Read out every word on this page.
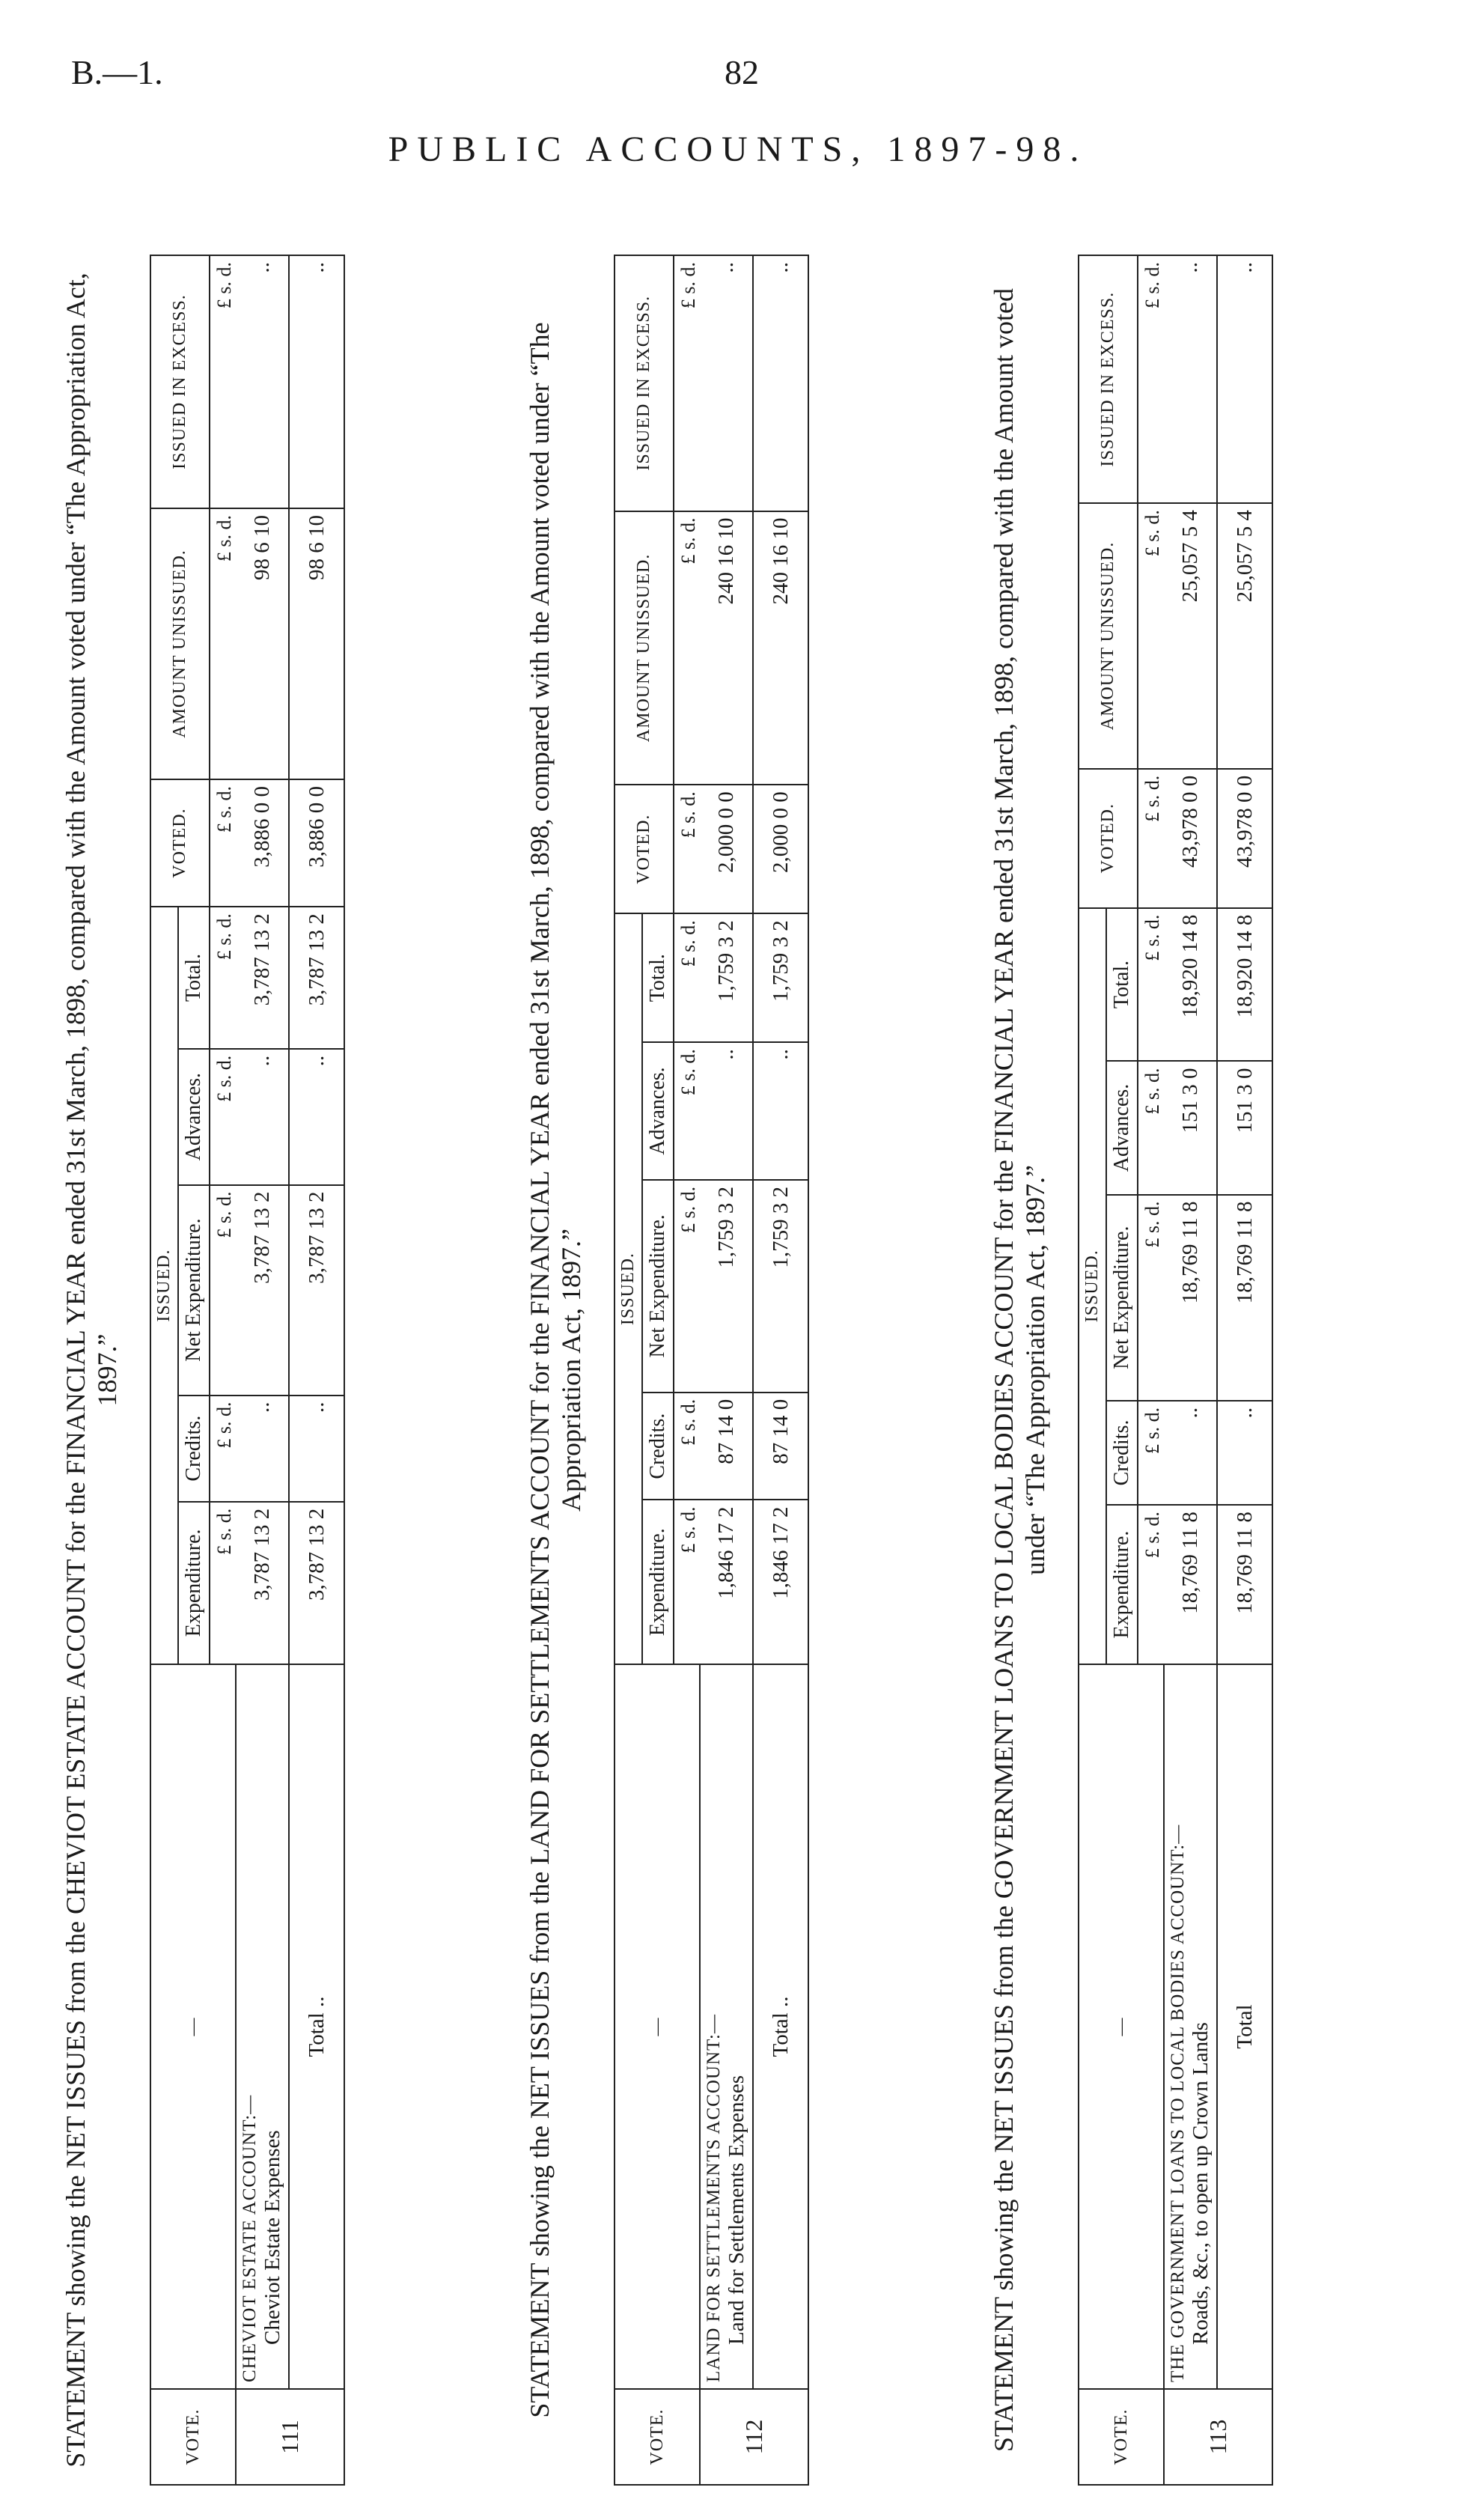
B.—1.	82
PUBLIC ACCOUNTS, 1897-98.
STATEMENT showing the NET ISSUES from the CHEVIOT ESTATE ACCOUNT for the FINANCIAL YEAR ended 31st March, 1898, compared with the Amount voted under “The Appropriation Act, 1897.”
VOTE.	—	ISSUED.					VOTED.	AMOUNT UNISSUED.	ISSUED IN EXCESS.
		Expenditure.	Credits.	Net Expenditure.	Advances.	Total.			
		£ s. d.	£ s. d.	£ s. d.	£ s. d.	£ s. d.	£ s. d.	£ s. d.	£ s. d.
111	CHEVIOT ESTATE ACCOUNT:— Cheviot Estate Expenses	3,787 13 2	..	3,787 13 2	..	3,787 13 2	3,886 0 0	98 6 10	..
	Total ..	3,787 13 2	..	3,787 13 2	..	3,787 13 2	3,886 0 0	98 6 10	..
STATEMENT showing the NET ISSUES from the LAND FOR SETTLEMENTS ACCOUNT for the FINANCIAL YEAR ended 31st March, 1898, compared with the Amount voted under “The Appropriation Act, 1897.”
VOTE.	—	ISSUED.					VOTED.	AMOUNT UNISSUED.	ISSUED IN EXCESS.
		Expenditure.	Credits.	Net Expenditure.	Advances.	Total.			
		£ s. d.	£ s. d.	£ s. d.	£ s. d.	£ s. d.	£ s. d.	£ s. d.	£ s. d.
112	LAND FOR SETTLEMENTS ACCOUNT:— Land for Settlements Expenses	1,846 17 2	87 14 0	1,759 3 2	..	1,759 3 2	2,000 0 0	240 16 10	..
	Total ..	1,846 17 2	87 14 0	1,759 3 2	..	1,759 3 2	2,000 0 0	240 16 10	..
STATEMENT showing the NET ISSUES from the GOVERNMENT LOANS TO LOCAL BODIES ACCOUNT for the FINANCIAL YEAR ended 31st March, 1898, compared with the Amount voted under “The Appropriation Act, 1897.”
VOTE.	—	ISSUED.					VOTED.	AMOUNT UNISSUED.	ISSUED IN EXCESS.
		Expenditure.	Credits.	Net Expenditure.	Advances.	Total.			
		£ s. d.	£ s. d.	£ s. d.	£ s. d.	£ s. d.	£ s. d.	£ s. d.	£ s. d.
113	THE GOVERNMENT LOANS TO LOCAL BODIES ACCOUNT:— Roads, &c., to open up Crown Lands	18,769 11 8	..	18,769 11 8	151 3 0	18,920 14 8	43,978 0 0	25,057 5 4	..
	Total	18,769 11 8	..	18,769 11 8	151 3 0	18,920 14 8	43,978 0 0	25,057 5 4	..
